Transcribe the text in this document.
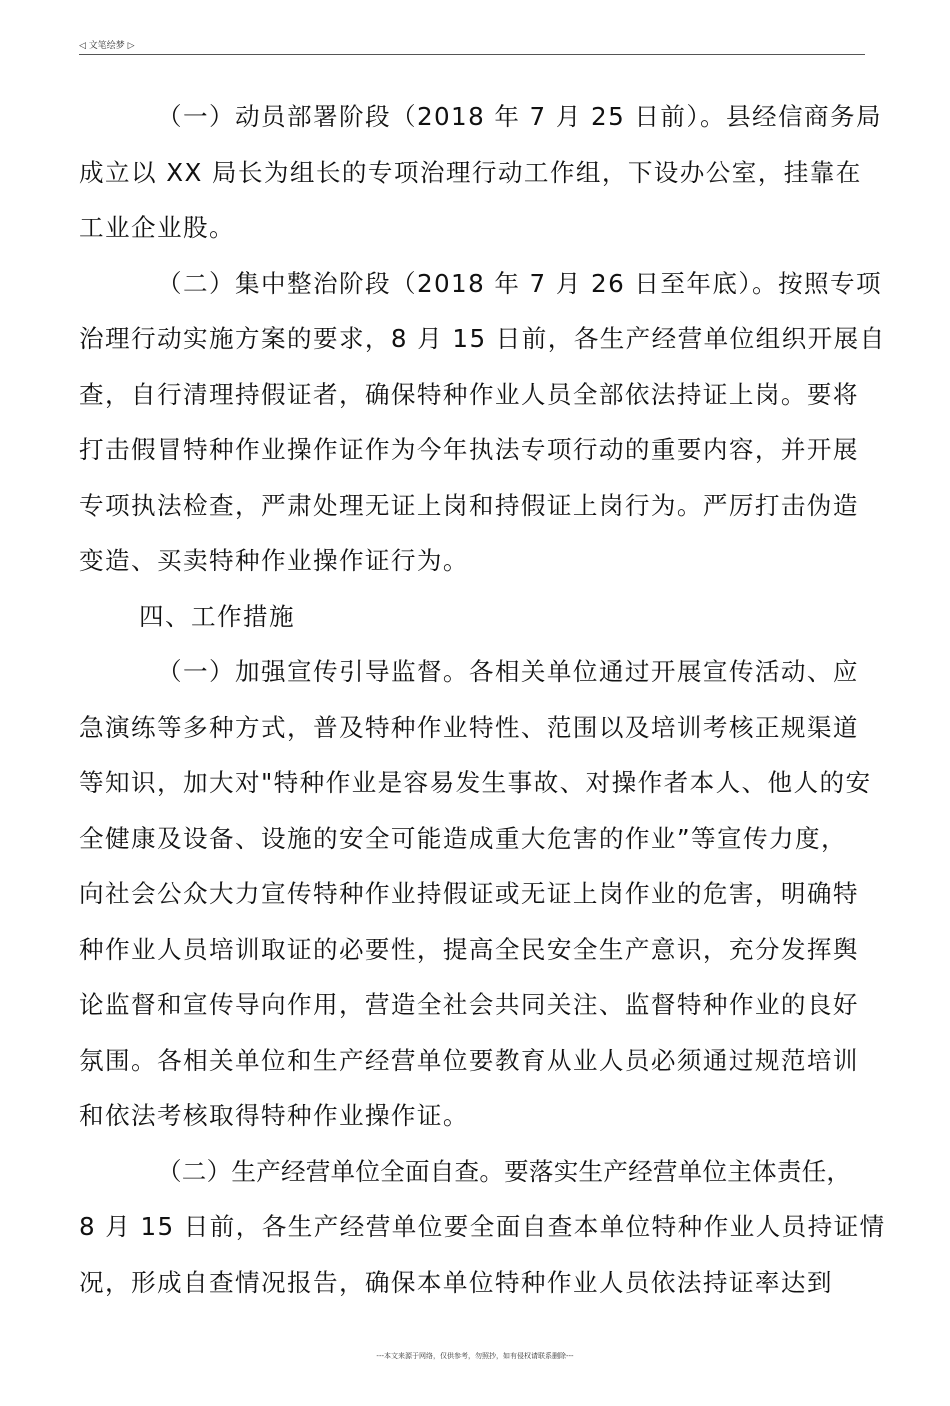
◁ 文笔绘梦 ▷

（一）动员部署阶段（2018 年 7 月 25 日前）。县经信商务局
成立以 XX 局长为组长的专项治理行动工作组，下设办公室，挂靠在
工业企业股。

（二）集中整治阶段（2018 年 7 月 26 日至年底）。按照专项
治理行动实施方案的要求，8 月 15 日前，各生产经营单位组织开展自
查，自行清理持假证者，确保特种作业人员全部依法持证上岗。要将
打击假冒特种作业操作证作为今年执法专项行动的重要内容，并开展
专项执法检查，严肃处理无证上岗和持假证上岗行为。严厉打击伪造
变造、买卖特种作业操作证行为。

四、工作措施

（一）加强宣传引导监督。各相关单位通过开展宣传活动、应
急演练等多种方式，普及特种作业特性、范围以及培训考核正规渠道
等知识，加大对"特种作业是容易发生事故、对操作者本人、他人的安
全健康及设备、设施的安全可能造成重大危害的作业”等宣传力度，
向社会公众大力宣传特种作业持假证或无证上岗作业的危害，明确特
种作业人员培训取证的必要性，提高全民安全生产意识，充分发挥舆
论监督和宣传导向作用，营造全社会共同关注、监督特种作业的良好
氛围。各相关单位和生产经营单位要教育从业人员必须通过规范培训
和依法考核取得特种作业操作证。

（二）生产经营单位全面自查。要落实生产经营单位主体责任，
8 月 15 日前，各生产经营单位要全面自查本单位特种作业人员持证情
况，形成自查情况报告，确保本单位特种作业人员依法持证率达到

---本文来源于网络，仅供参考，勿照抄，如有侵权请联系删除---
